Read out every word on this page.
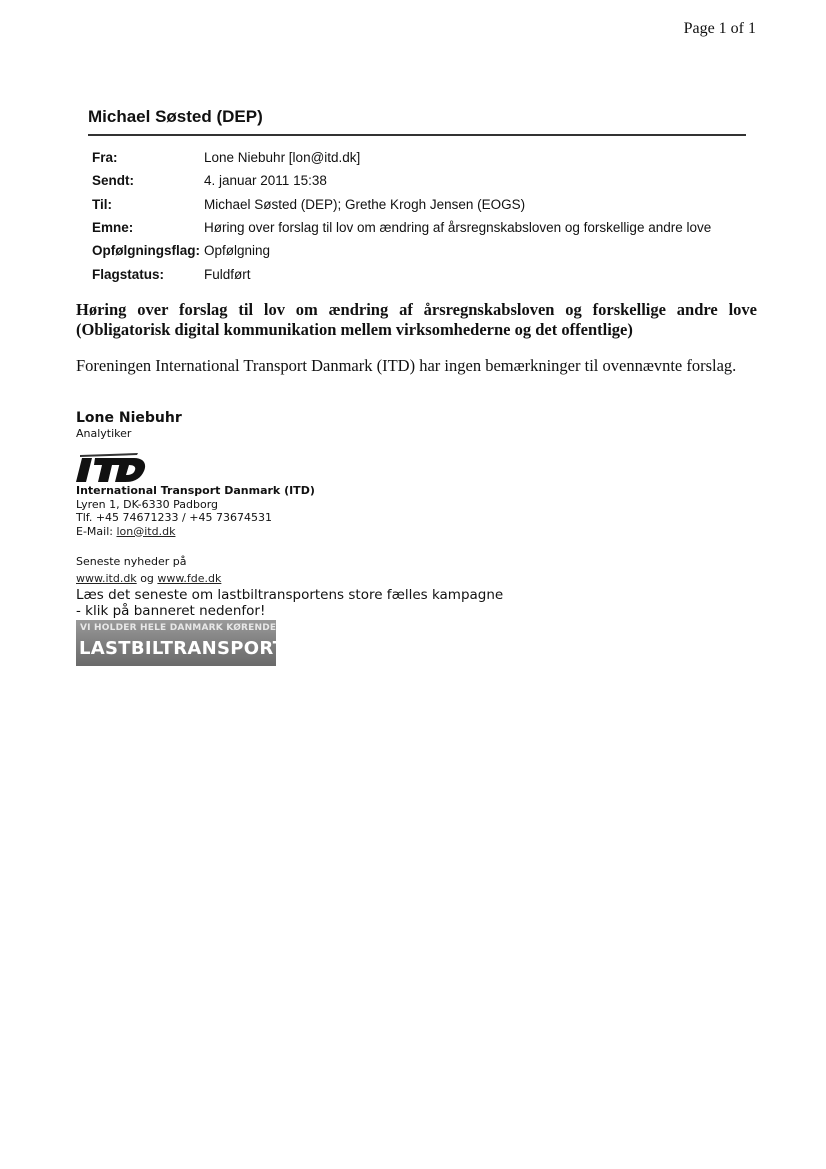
Page 1 of 1
Michael Søsted (DEP)
Fra:	Lone Niebuhr [lon@itd.dk]
Sendt:	4. januar 2011 15:38
Til:	Michael Søsted (DEP); Grethe Krogh Jensen (EOGS)
Emne:	Høring over forslag til lov om ændring af årsregnskabsloven og forskellige andre love
Opfølgningsflag: Opfølgning
Flagstatus:	Fuldført
Høring over forslag til lov om ændring af årsregnskabsloven og forskellige andre love (Obligatorisk digital kommunikation mellem virksomhederne og det offentlige)
Foreningen International Transport Danmark (ITD) har ingen bemærkninger til ovennævnte forslag.
Lone Niebuhr
Analytiker
International Transport Danmark (ITD)
Lyren 1, DK-6330 Padborg
Tlf. +45 74671233 / +45 73674531
E-Mail: lon@itd.dk
Seneste nyheder på
www.itd.dk og www.fde.dk
Læs det seneste om lastbiltransportens store fælles kampagne
- klik på banneret nedenfor!
VI HOLDER HELE DANMARK KØRENDE
LASTBILTRANSPORT.DK
